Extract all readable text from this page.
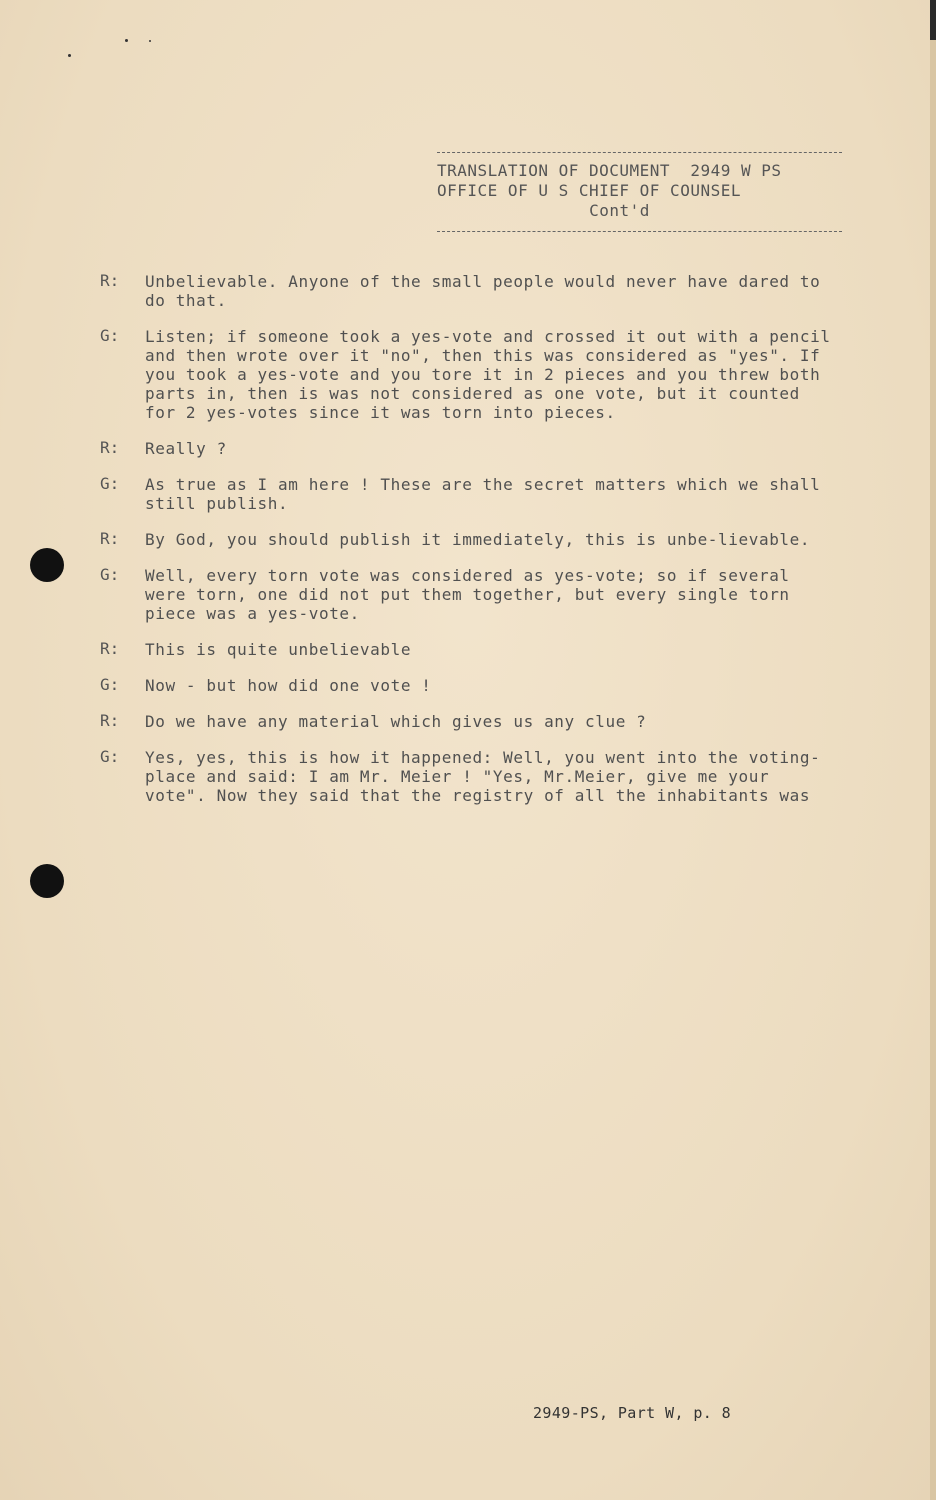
TRANSLATION OF DOCUMENT  2949 W PS
OFFICE OF U S CHIEF OF COUNSEL
Cont'd
R:	Unbelievable. Anyone of the small people would never have dared to do that.
G:	Listen; if someone took a yes-vote and crossed it out with a pencil and then wrote over it "no", then this was considered as "yes". If you took a yes-vote and you tore it in 2 pieces and you threw both parts in, then is was not considered as one vote, but it counted for 2 yes-votes since it was torn into pieces.
R:	Really ?
G:	As true as I am here ! These are the secret matters which we shall still publish.
R:	By God, you should publish it immediately, this is unbe-lievable.
G:	Well, every torn vote was considered as yes-vote; so if several were torn, one did not put them together, but every single torn piece was a yes-vote.
R:	This is quite unbelievable
G:	Now - but how did one vote !
R:	Do we have any material which gives us any clue ?
G:	Yes, yes, this is how it happened: Well, you went into the voting-place and said: I am Mr. Meier ! "Yes, Mr.Meier, give me your vote". Now they said that the registry of all the inhabitants was
2949-PS, Part W, p. 8
